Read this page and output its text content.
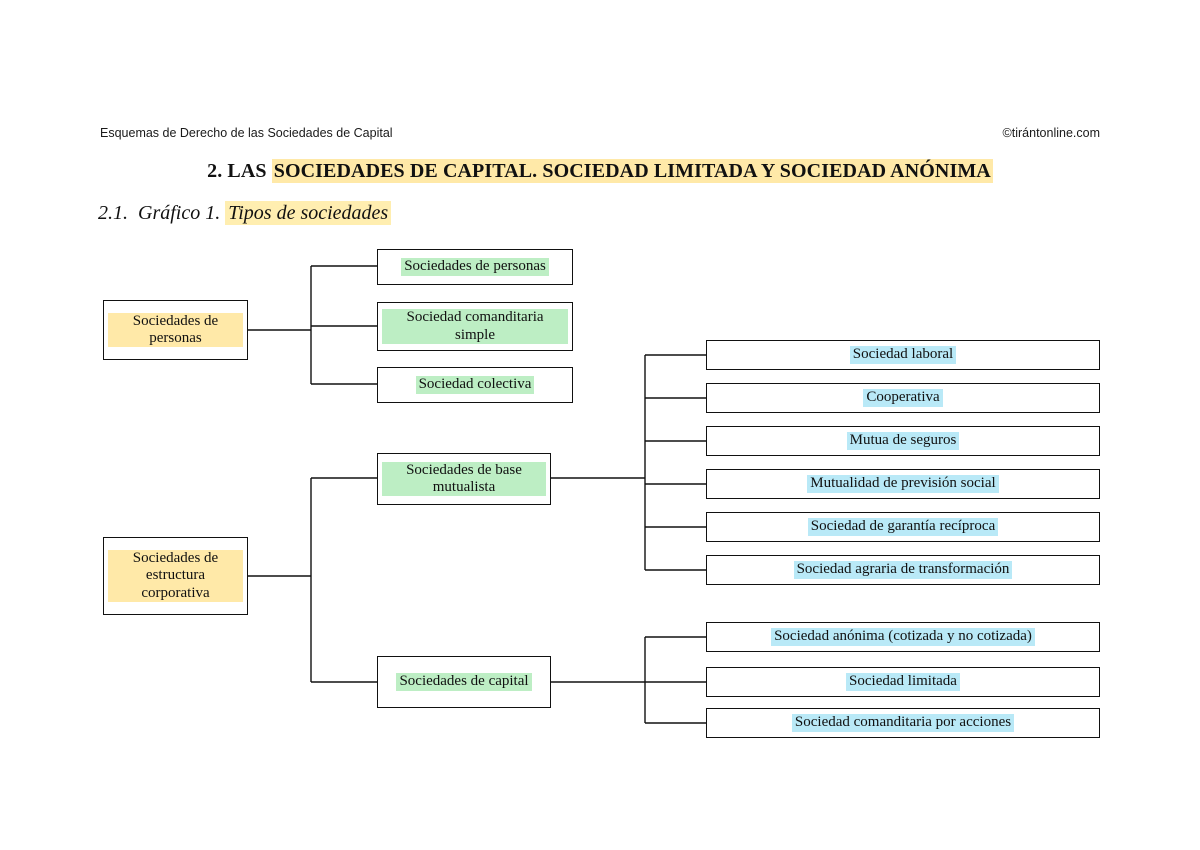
Esquemas de Derecho de las Sociedades de Capital	©tirántonline.com
2. LAS SOCIEDADES DE CAPITAL. SOCIEDAD LIMITADA Y SOCIEDAD ANÓNIMA
2.1. Gráfico 1. Tipos de sociedades
Sociedades de personas
Sociedades de estructura corporativa
Sociedades de personas
Sociedad comanditaria simple
Sociedad colectiva
Sociedades de base mutualista
Sociedades de capital
Sociedad laboral
Cooperativa
Mutua de seguros
Mutualidad de previsión social
Sociedad de garantía recíproca
Sociedad agraria de transformación
Sociedad anónima (cotizada y no cotizada)
Sociedad limitada
Sociedad comanditaria por acciones
